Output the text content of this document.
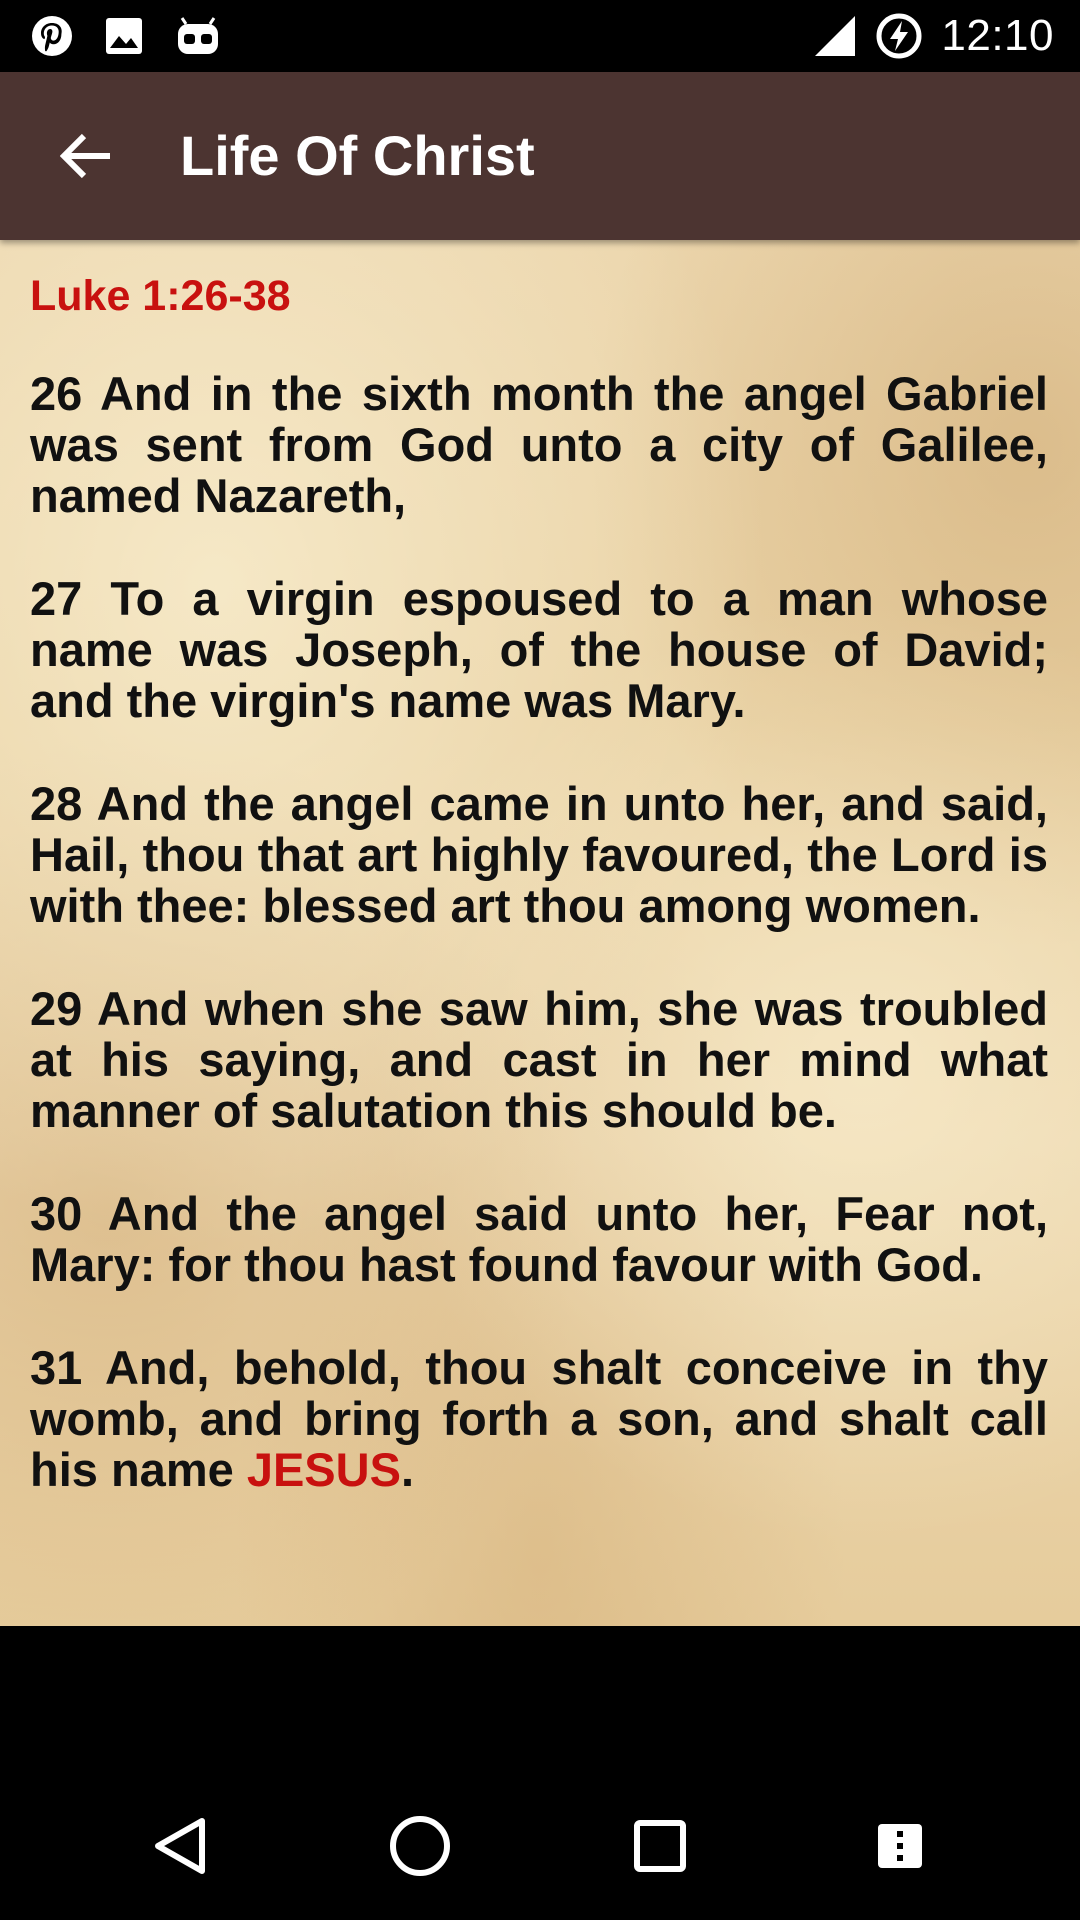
12:10
Life Of Christ
Luke 1:26-38

26 And in the sixth month the angel Gabriel was sent from God unto a city of Galilee, named Nazareth,

27 To a virgin espoused to a man whose name was Joseph, of the house of David; and the virgin's name was Mary.

28 And the angel came in unto her, and said, Hail, thou that art highly favoured, the Lord is with thee: blessed art thou among women.

29 And when she saw him, she was troubled at his saying, and cast in her mind what manner of salutation this should be.

30 And the angel said unto her, Fear not, Mary: for thou hast found favour with God.

31 And, behold, thou shalt conceive in thy womb, and bring forth a son, and shalt call his name JESUS.
